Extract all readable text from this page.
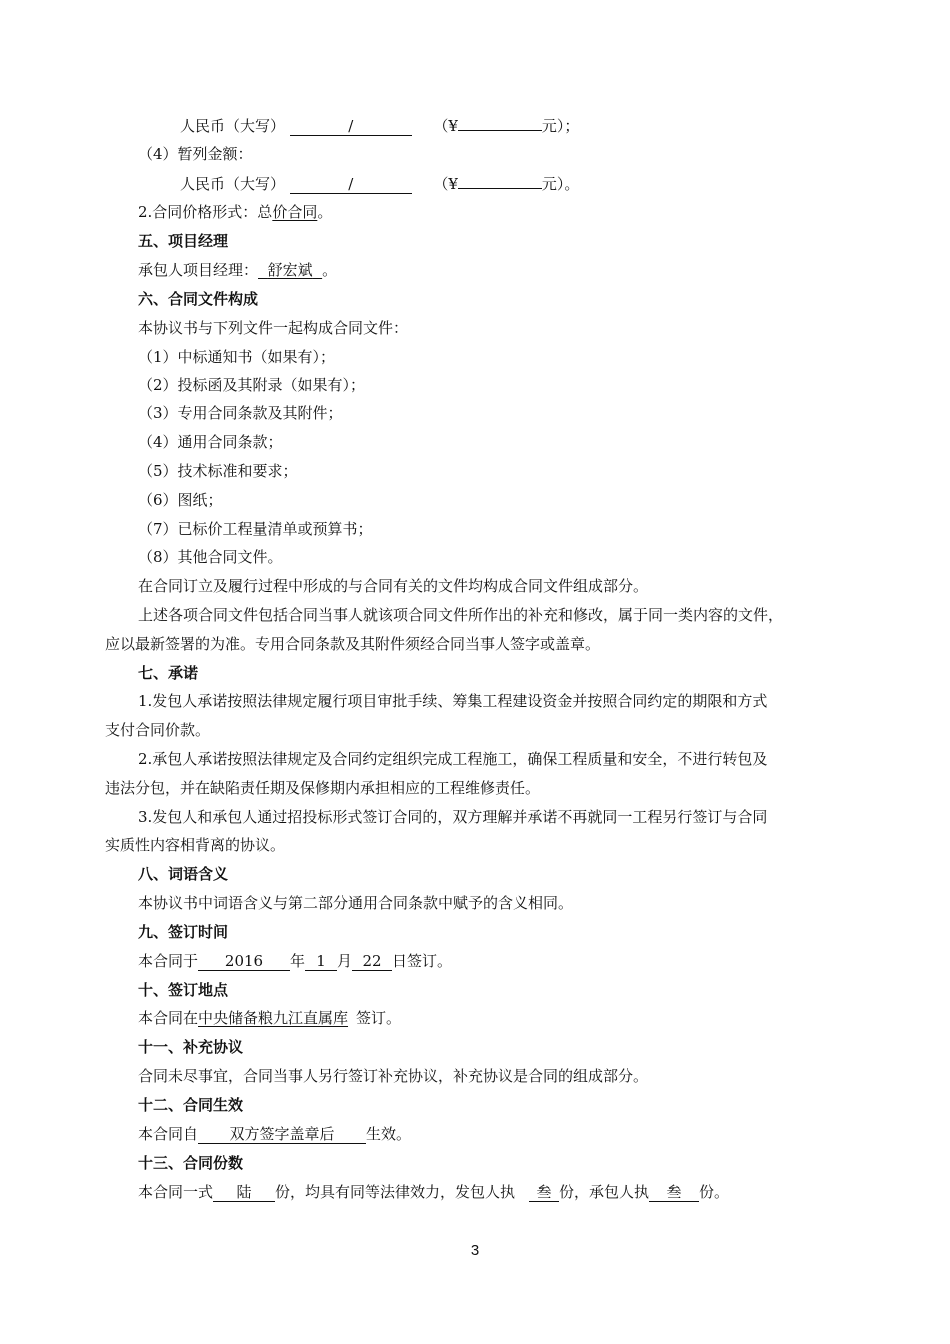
人民币（大写）	/	（¥	元）；
（4）暂列金额：
人民币（大写）	/	（¥	元）。
2.合同价格形式：总价合同。
五、项目经理
承包人项目经理： 舒宏斌 。
六、合同文件构成
本协议书与下列文件一起构成合同文件：
（1）中标通知书（如果有）；
（2）投标函及其附录（如果有）；
（3）专用合同条款及其附件；
（4）通用合同条款；
（5）技术标准和要求；
（6）图纸；
（7）已标价工程量清单或预算书；
（8）其他合同文件。
在合同订立及履行过程中形成的与合同有关的文件均构成合同文件组成部分。
上述各项合同文件包括合同当事人就该项合同文件所作出的补充和修改，属于同一类内容的文件，
应以最新签署的为准。专用合同条款及其附件须经合同当事人签字或盖章。
七、承诺
1.发包人承诺按照法律规定履行项目审批手续、筹集工程建设资金并按照合同约定的期限和方式
支付合同价款。
2.承包人承诺按照法律规定及合同约定组织完成工程施工，确保工程质量和安全，不进行转包及
违法分包，并在缺陷责任期及保修期内承担相应的工程维修责任。
3.发包人和承包人通过招投标形式签订合同的，双方理解并承诺不再就同一工程另行签订与合同
实质性内容相背离的协议。
八、词语含义
本协议书中词语含义与第二部分通用合同条款中赋予的含义相同。
九、签订时间
本合同于 2016 年 1 月 22 日签订。
十、签订地点
本合同在中央储备粮九江直属库 签订。
十一、补充协议
合同未尽事宜，合同当事人另行签订补充协议，补充协议是合同的组成部分。
十二、合同生效
本合同自 双方签字盖章后 生效。
十三、合同份数
本合同一式 陆 份，均具有同等法律效力，发包人执 叁 份，承包人执 叁 份。
3
